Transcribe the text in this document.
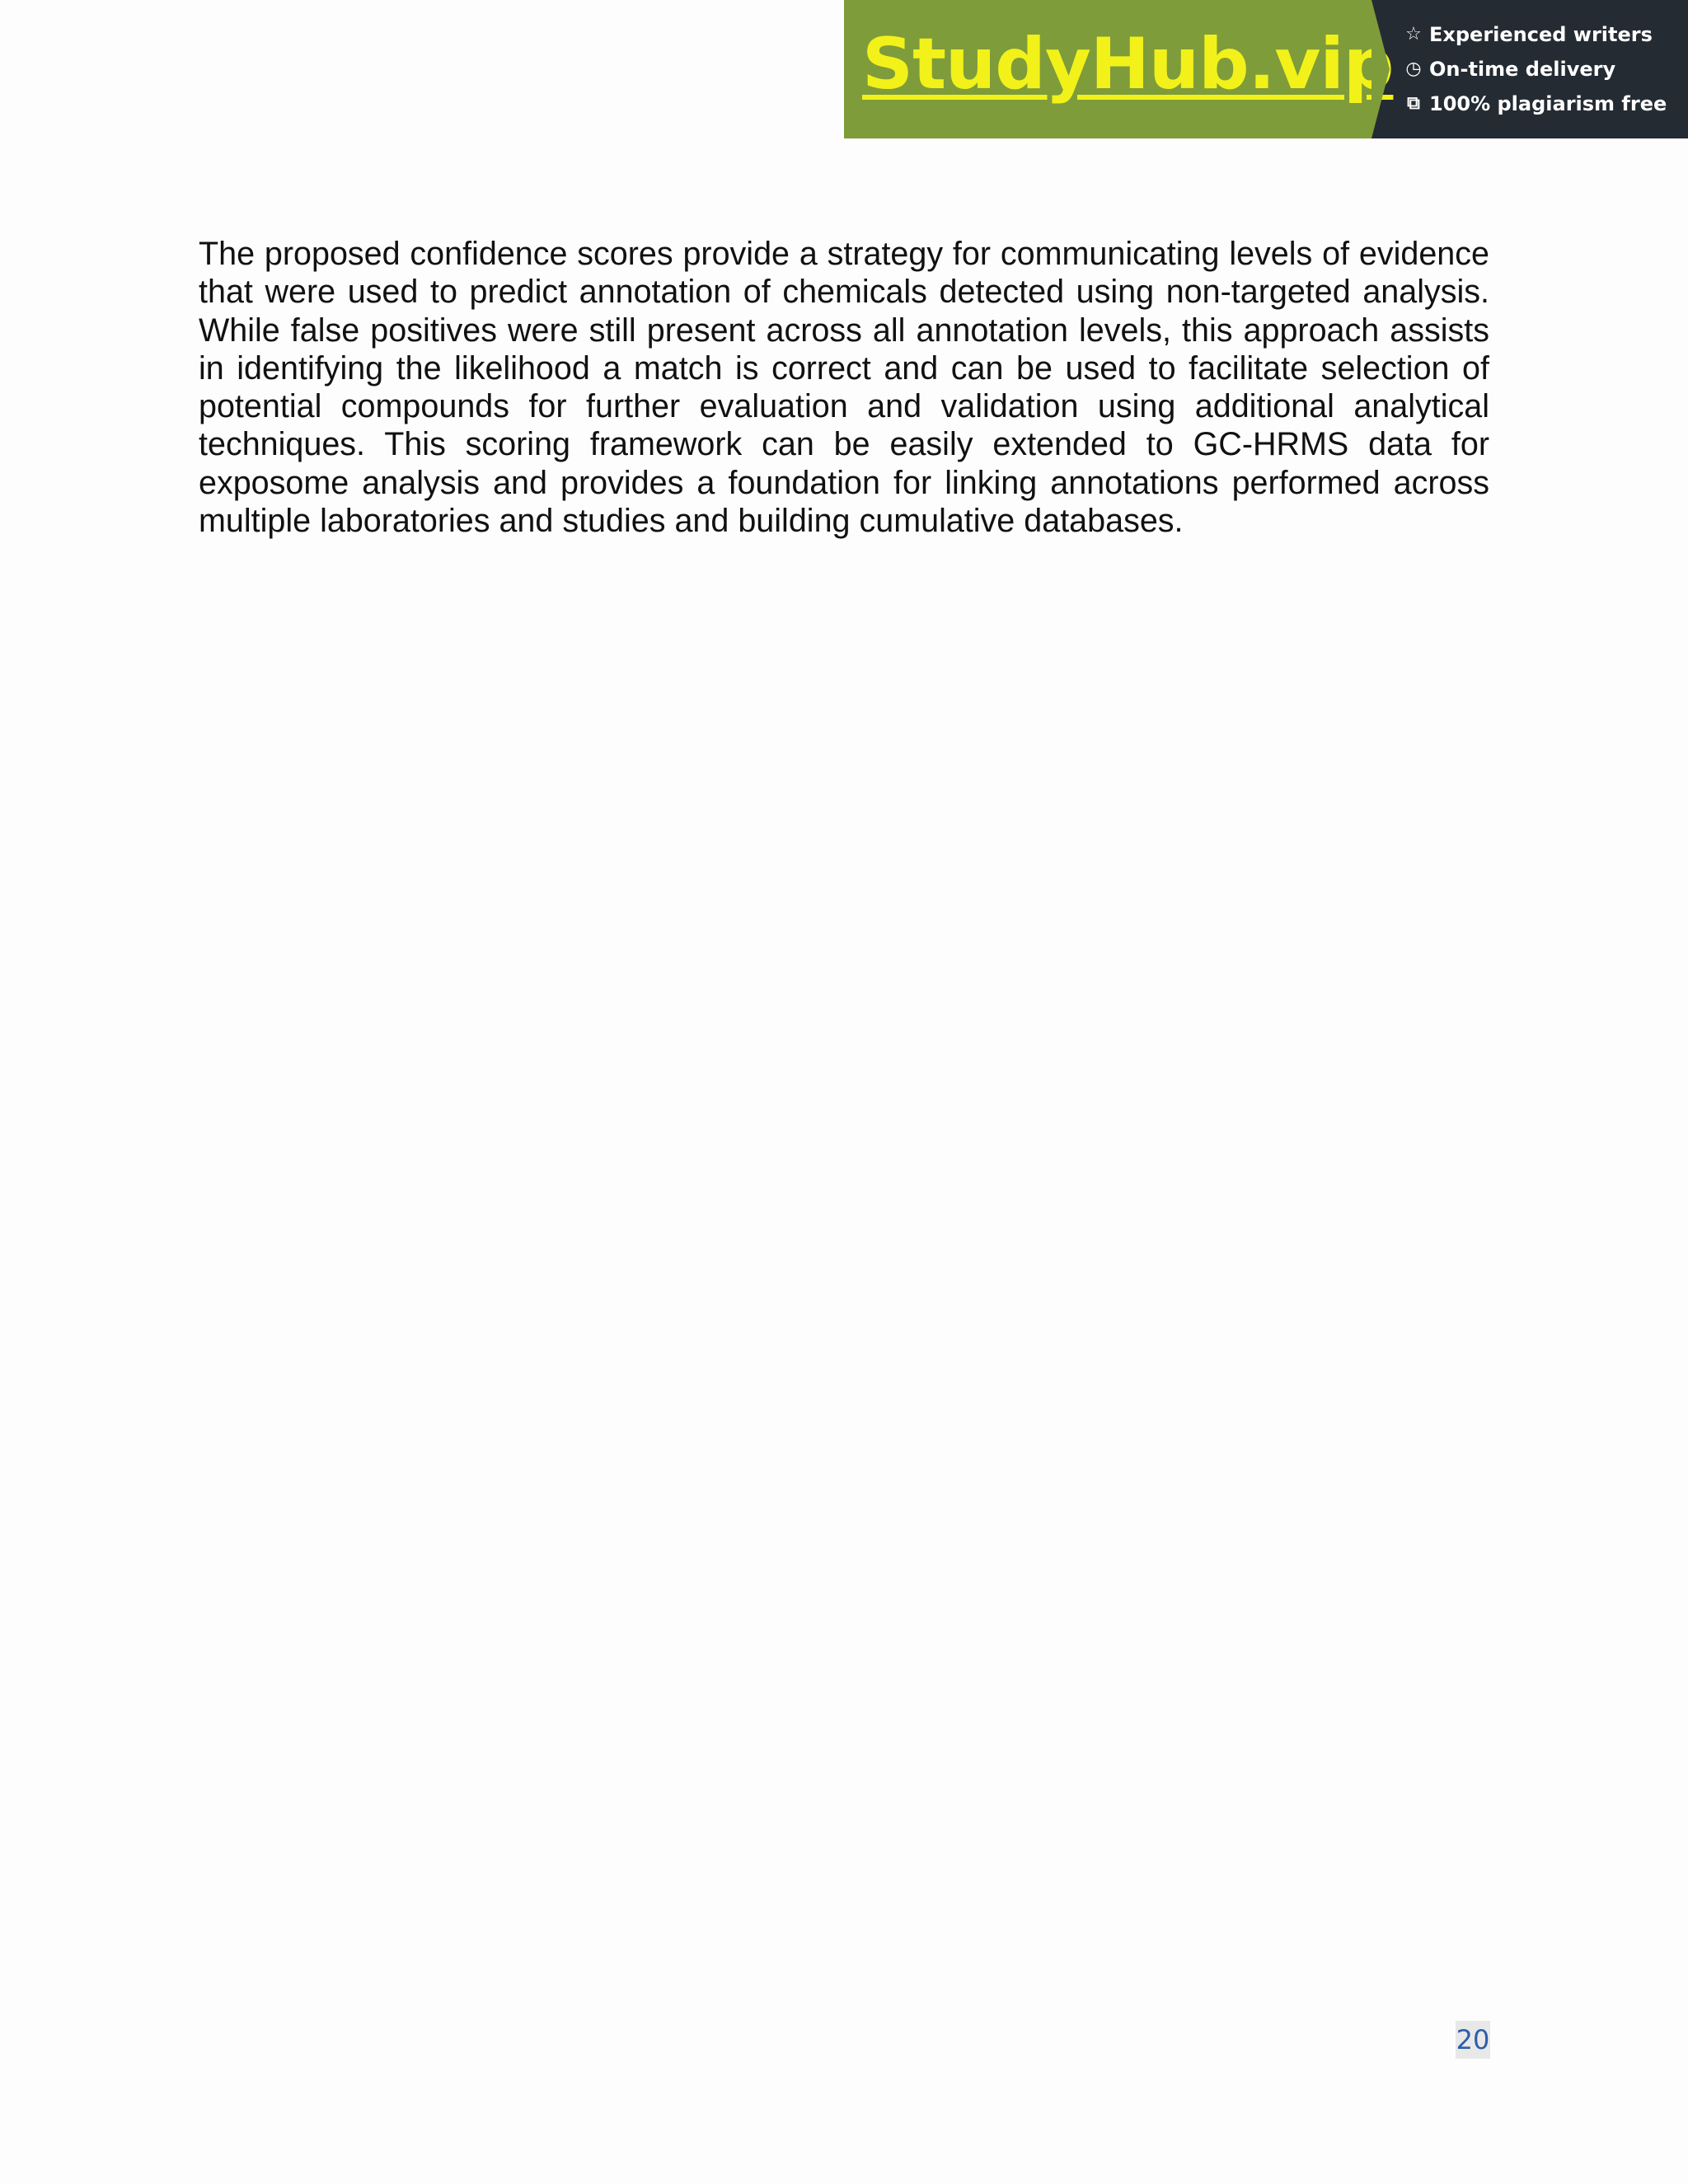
StudyHub.vip ☆ Experienced writers
◷ On-time delivery
⧉ 100% plagiarism free

The proposed confidence scores provide a strategy for communicating levels of evidence that were used to predict annotation of chemicals detected using non-targeted analysis. While false positives were still present across all annotation levels, this approach assists in identifying the likelihood a match is correct and can be used to facilitate selection of potential compounds for further evaluation and validation using additional analytical techniques. This scoring framework can be easily extended to GC-HRMS data for exposome analysis and provides a foundation for linking annotations performed across multiple laboratories and studies and building cumulative databases.

20
